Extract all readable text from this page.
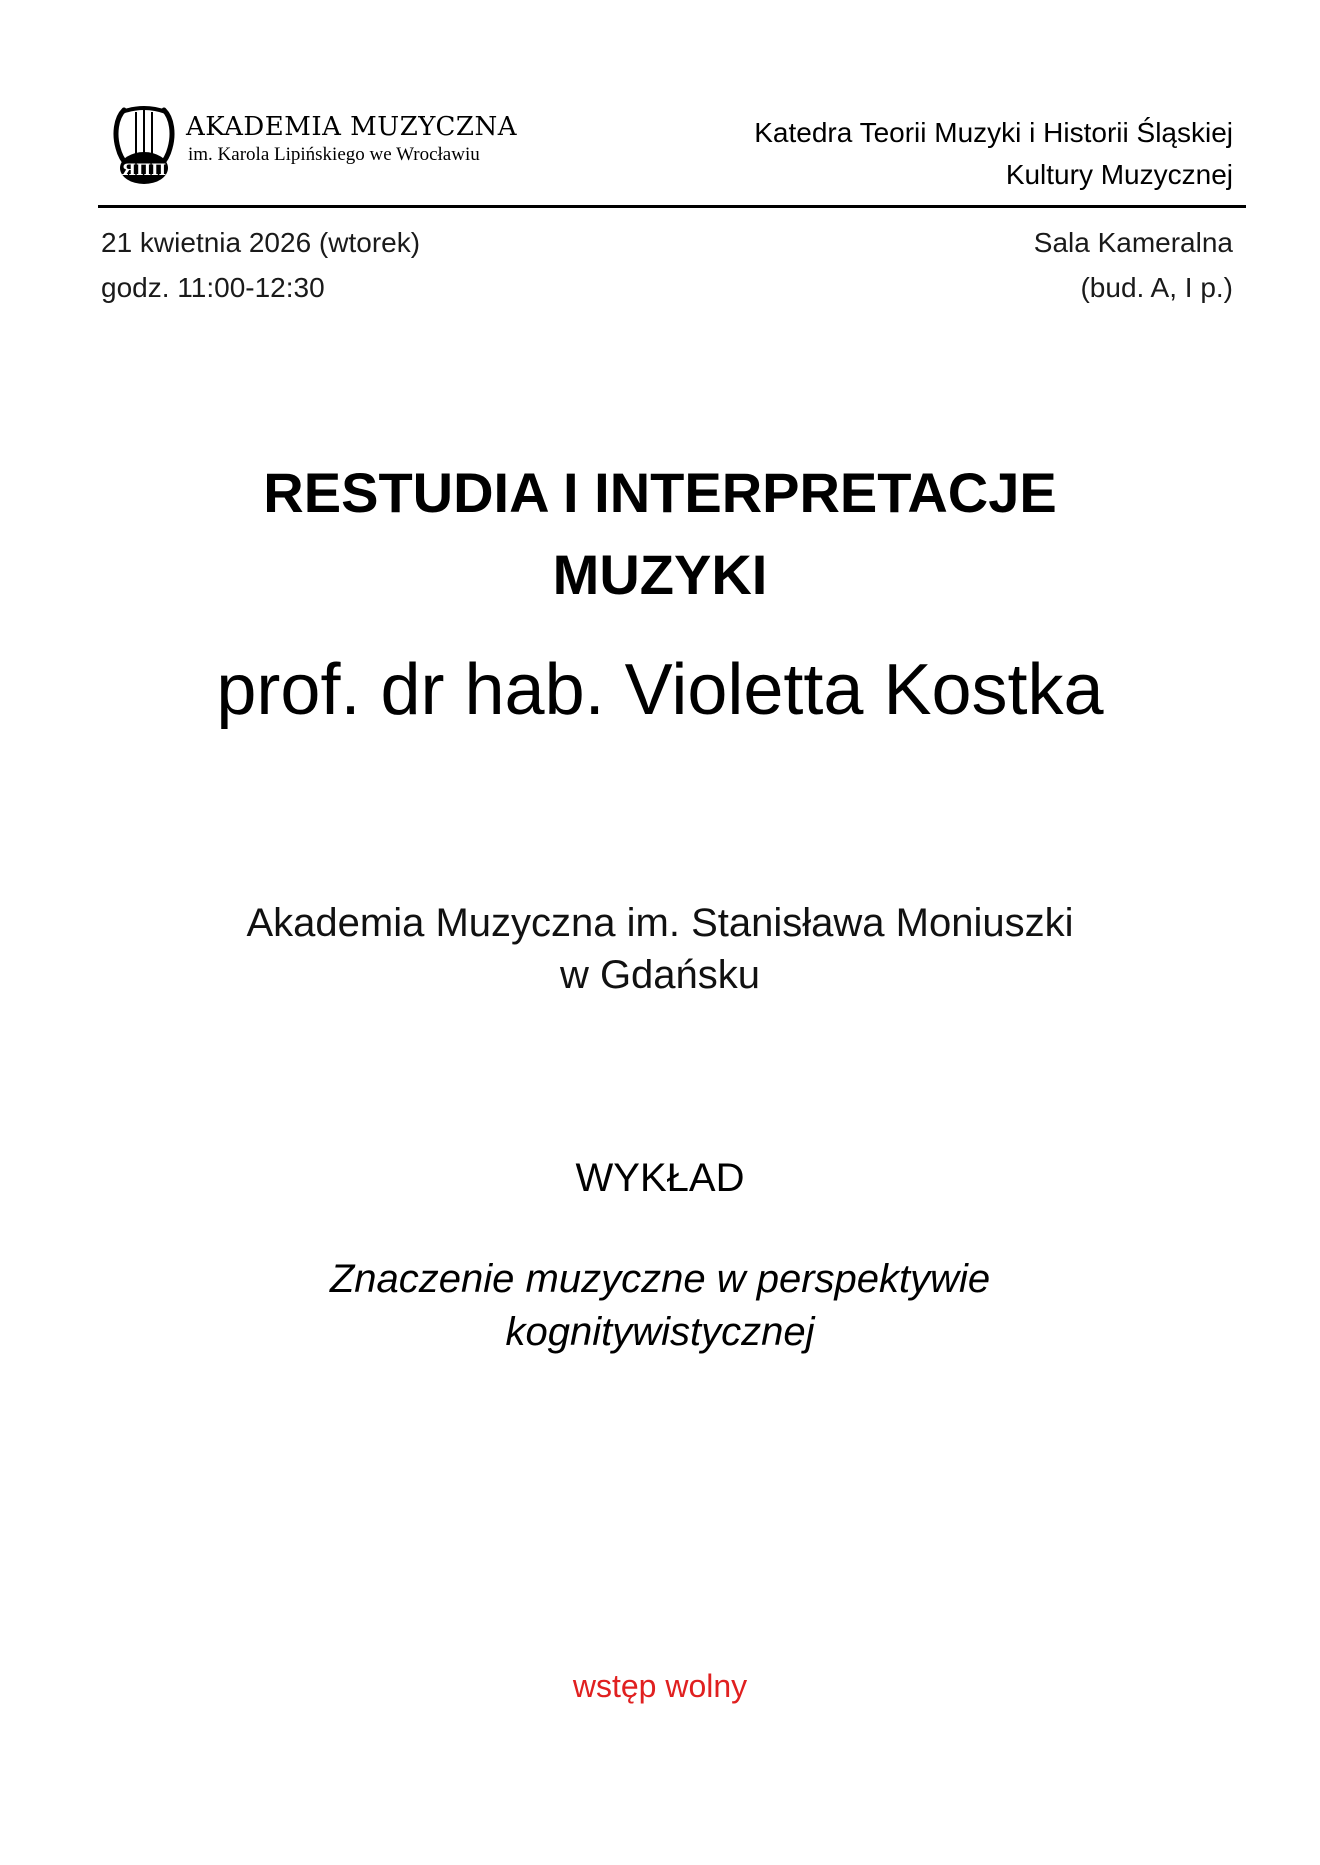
ЯΠΠ
AKADEMIA MUZYCZNA
im. Karola Lipińskiego we Wrocławiu
Katedra Teorii Muzyki i Historii Śląskiej
Kultury Muzycznej
21 kwietnia 2026 (wtorek)
godz. 11:00-12:30
Sala Kameralna
(bud. A, I p.)
RESTUDIA I INTERPRETACJE
MUZYKI
prof. dr hab. Violetta Kostka
Akademia Muzyczna im. Stanisława Moniuszki
w Gdańsku
WYKŁAD
Znaczenie muzyczne w perspektywie
kognitywistycznej
wstęp wolny
